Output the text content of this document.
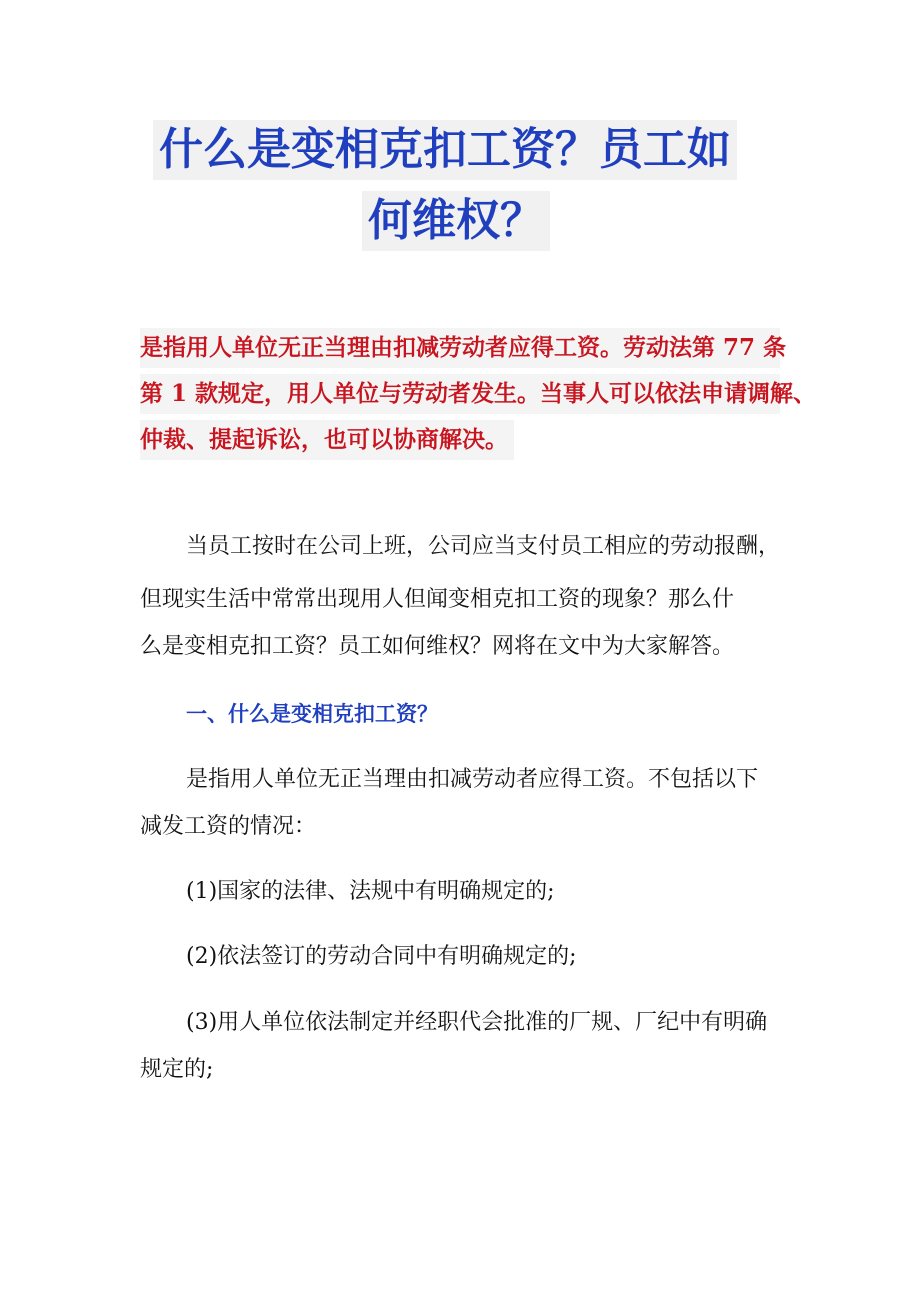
什么是变相克扣工资？员工如
何维权？
是指用人单位无正当理由扣减劳动者应得工资。劳动法第 77 条
第 1 款规定，用人单位与劳动者发生。当事人可以依法申请调解、
仲裁、提起诉讼，也可以协商解决。
当员工按时在公司上班，公司应当支付员工相应的劳动报酬，
但现实生活中常常出现用人但闻变相克扣工资的现象？那么什
么是变相克扣工资？员工如何维权？网将在文中为大家解答。
一、什么是变相克扣工资？
是指用人单位无正当理由扣减劳动者应得工资。不包括以下
减发工资的情况：
(1)国家的法律、法规中有明确规定的;
(2)依法签订的劳动合同中有明确规定的;
(3)用人单位依法制定并经职代会批准的厂规、厂纪中有明确
规定的;
